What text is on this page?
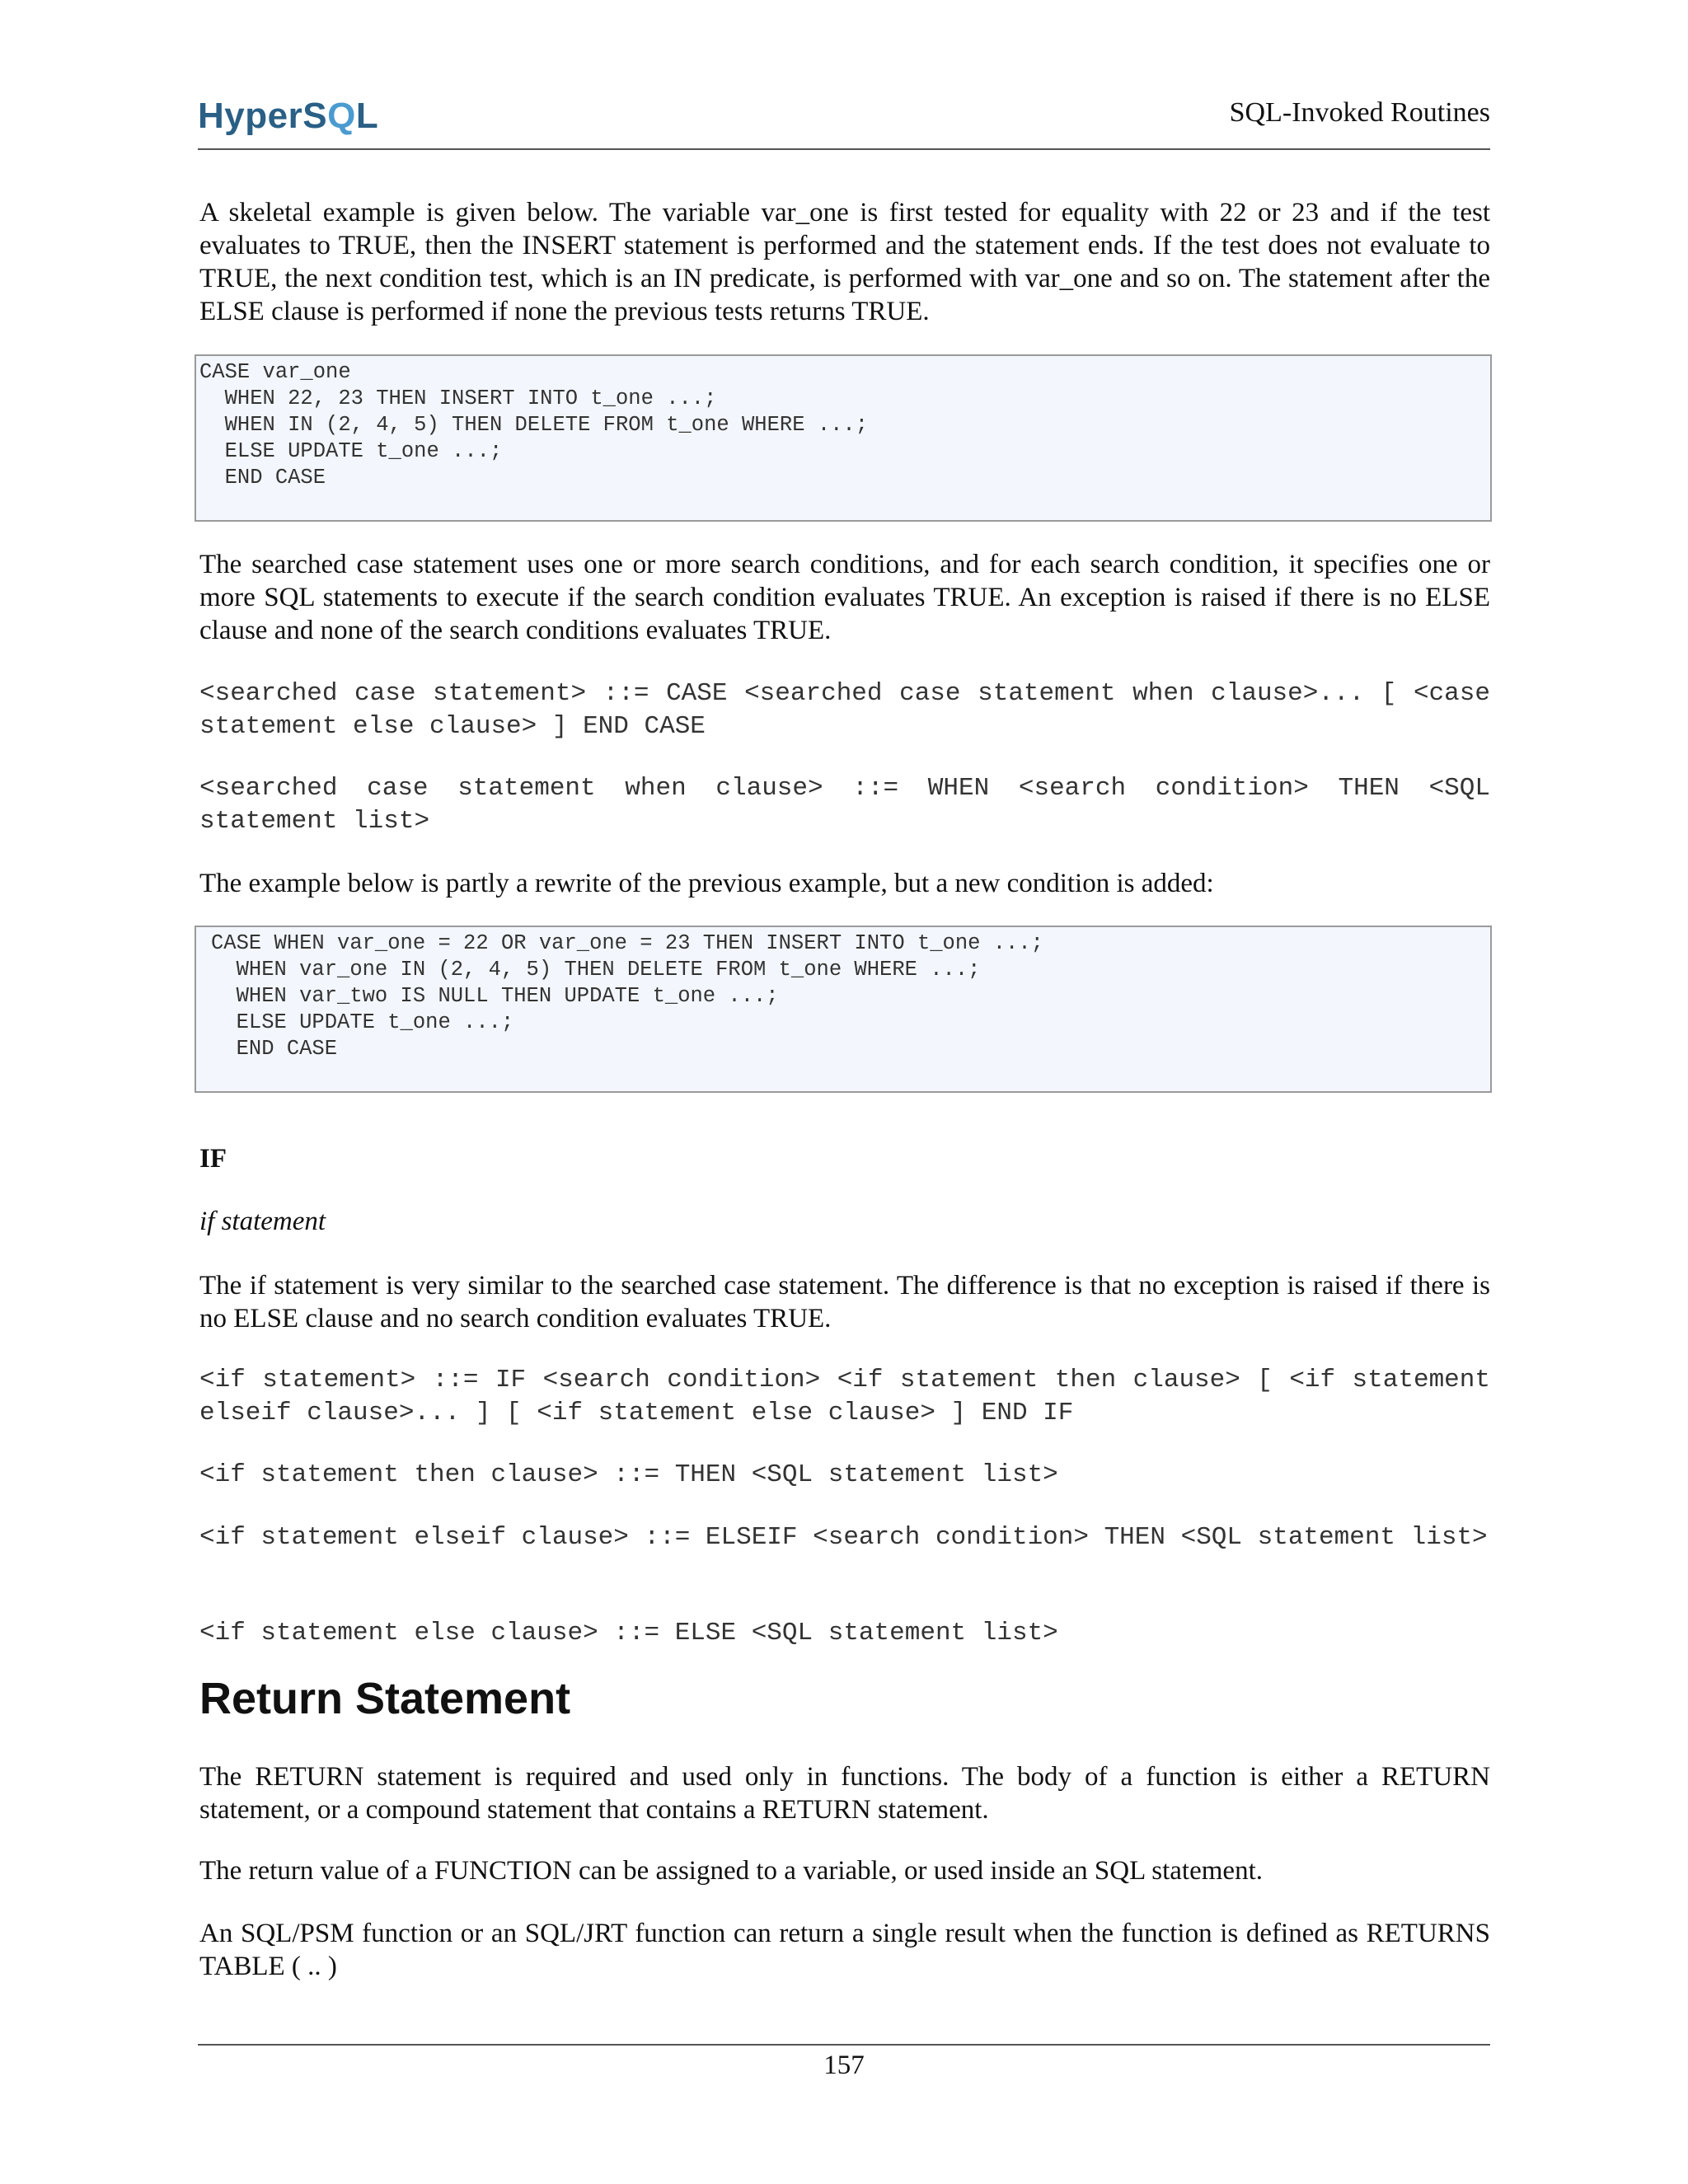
HyperSQL	SQL-Invoked Routines
A skeletal example is given below. The variable var_one is first tested for equality with 22 or 23 and if the test evaluates to TRUE, then the INSERT statement is performed and the statement ends. If the test does not evaluate to TRUE, the next condition test, which is an IN predicate, is performed with var_one and so on. The statement after the ELSE clause is performed if none the previous tests returns TRUE.
CASE var_one
WHEN 22, 23 THEN INSERT INTO t_one ...;
WHEN IN (2, 4, 5) THEN DELETE FROM t_one WHERE ...;
ELSE UPDATE t_one ...;
END CASE
The searched case statement uses one or more search conditions, and for each search condition, it specifies one or more SQL statements to execute if the search condition evaluates TRUE. An exception is raised if there is no ELSE clause and none of the search conditions evaluates TRUE.
<searched case statement> ::= CASE <searched case statement when clause>... [ <case statement else clause> ] END CASE
<searched case statement when clause> ::= WHEN <search condition> THEN <SQL statement list>
The example below is partly a rewrite of the previous example, but a new condition is added:
CASE WHEN var_one = 22 OR var_one = 23 THEN INSERT INTO t_one ...;
WHEN var_one IN (2, 4, 5) THEN DELETE FROM t_one WHERE ...;
WHEN var_two IS NULL THEN UPDATE t_one ...;
ELSE UPDATE t_one ...;
END CASE
IF
if statement
The if statement is very similar to the searched case statement. The difference is that no exception is raised if there is no ELSE clause and no search condition evaluates TRUE.
<if statement> ::= IF <search condition> <if statement then clause> [ <if statement elseif clause>... ] [ <if statement else clause> ] END IF
<if statement then clause> ::= THEN <SQL statement list>
<if statement elseif clause> ::= ELSEIF <search condition> THEN <SQL statement list>
<if statement else clause> ::= ELSE <SQL statement list>
Return Statement
The RETURN statement is required and used only in functions. The body of a function is either a RETURN statement, or a compound statement that contains a RETURN statement.
The return value of a FUNCTION can be assigned to a variable, or used inside an SQL statement.
An SQL/PSM function or an SQL/JRT function can return a single result when the function is defined as RETURNS TABLE ( .. )
157
